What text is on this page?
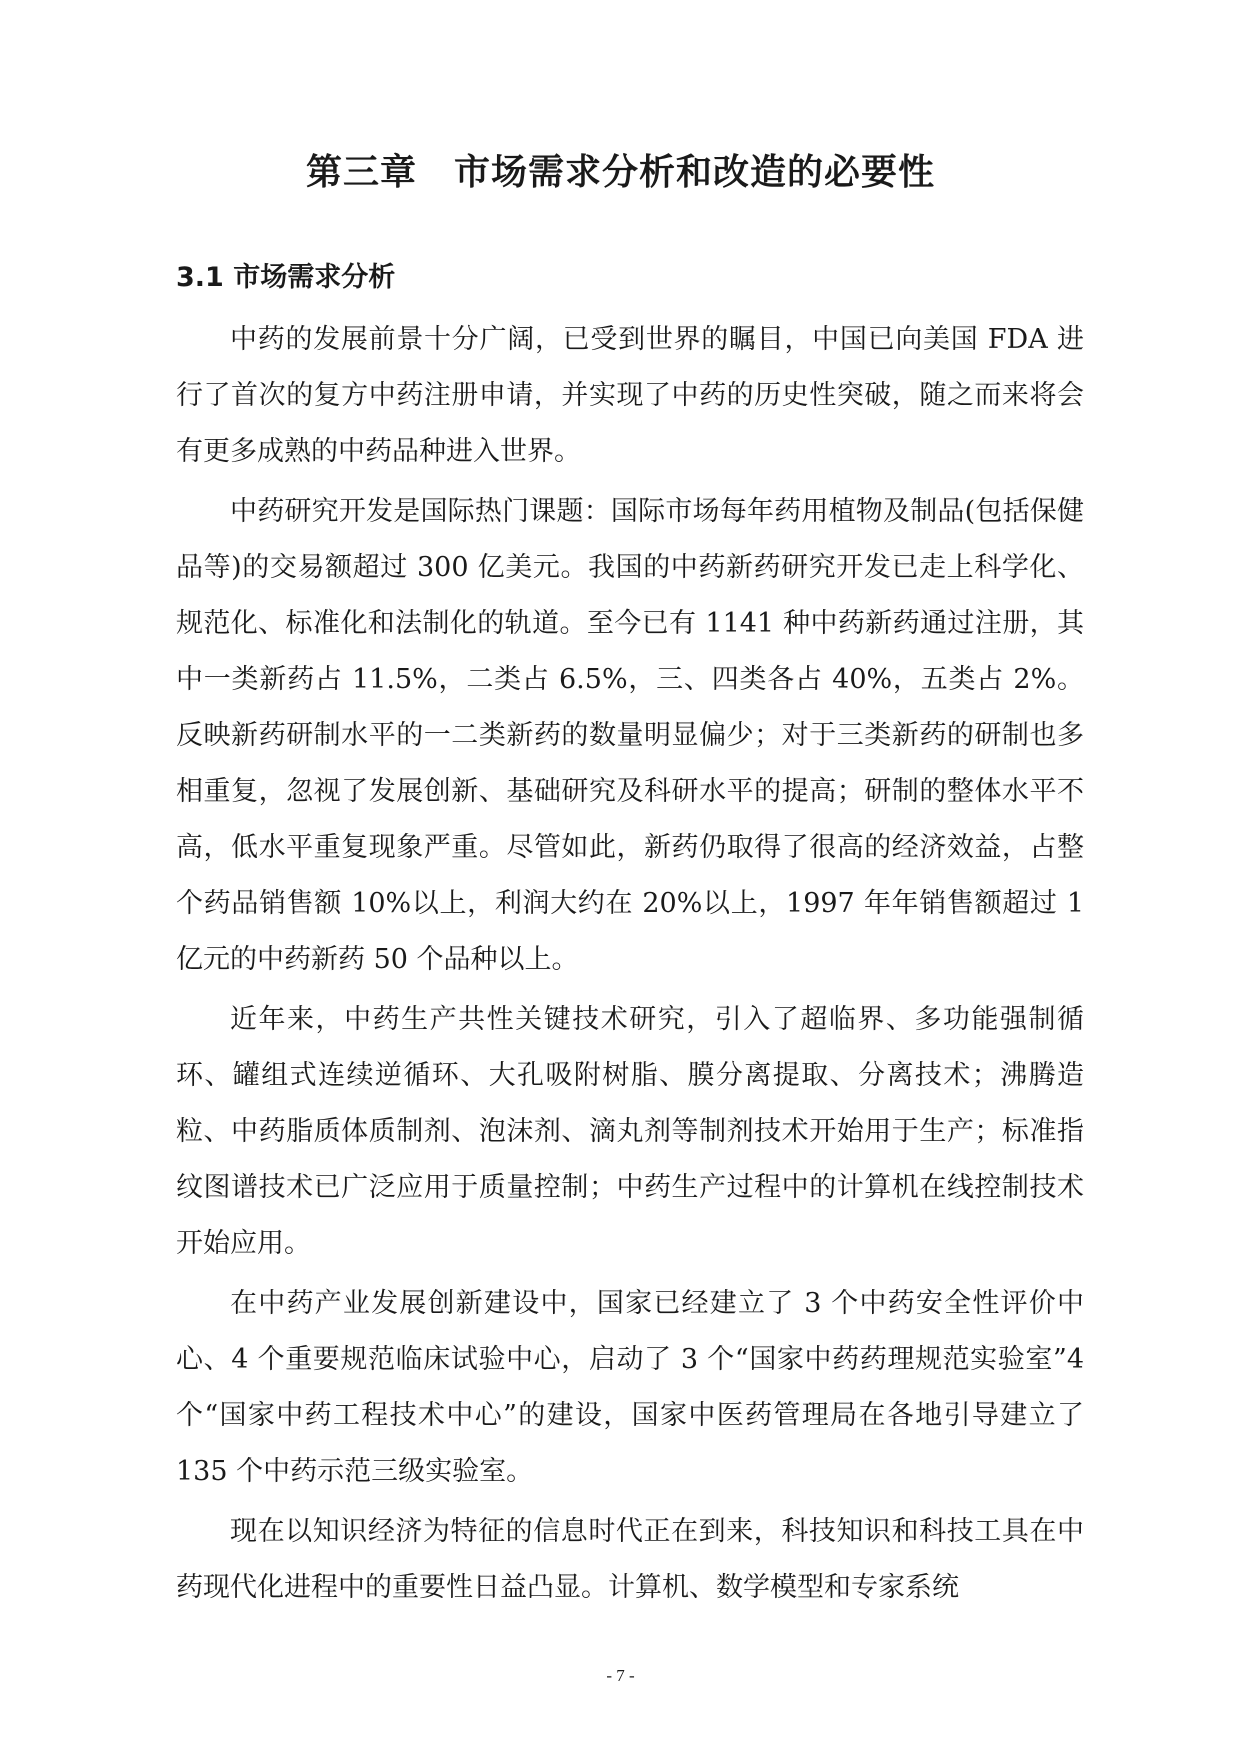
第三章　市场需求分析和改造的必要性
3.1 市场需求分析

中药的发展前景十分广阔，已受到世界的瞩目，中国已向美国 FDA 进行了首次的复方中药注册申请，并实现了中药的历史性突破，随之而来将会有更多成熟的中药品种进入世界。

中药研究开发是国际热门课题：国际市场每年药用植物及制品(包括保健品等)的交易额超过 300 亿美元。我国的中药新药研究开发已走上科学化、规范化、标准化和法制化的轨道。至今已有 1141 种中药新药通过注册，其中一类新药占 11.5%，二类占 6.5%，三、四类各占 40%，五类占 2%。反映新药研制水平的一二类新药的数量明显偏少；对于三类新药的研制也多相重复，忽视了发展创新、基础研究及科研水平的提高；研制的整体水平不高，低水平重复现象严重。尽管如此，新药仍取得了很高的经济效益，占整个药品销售额 10%以上，利润大约在 20%以上，1997 年年销售额超过 1 亿元的中药新药 50 个品种以上。

近年来，中药生产共性关键技术研究，引入了超临界、多功能强制循环、罐组式连续逆循环、大孔吸附树脂、膜分离提取、分离技术；沸腾造粒、中药脂质体质制剂、泡沫剂、滴丸剂等制剂技术开始用于生产；标准指纹图谱技术已广泛应用于质量控制；中药生产过程中的计算机在线控制技术开始应用。

在中药产业发展创新建设中，国家已经建立了 3 个中药安全性评价中心、4 个重要规范临床试验中心，启动了 3 个“国家中药药理规范实验室”4 个“国家中药工程技术中心”的建设，国家中医药管理局在各地引导建立了 135 个中药示范三级实验室。

现在以知识经济为特征的信息时代正在到来，科技知识和科技工具在中药现代化进程中的重要性日益凸显。计算机、数学模型和专家系统

- 7 -
